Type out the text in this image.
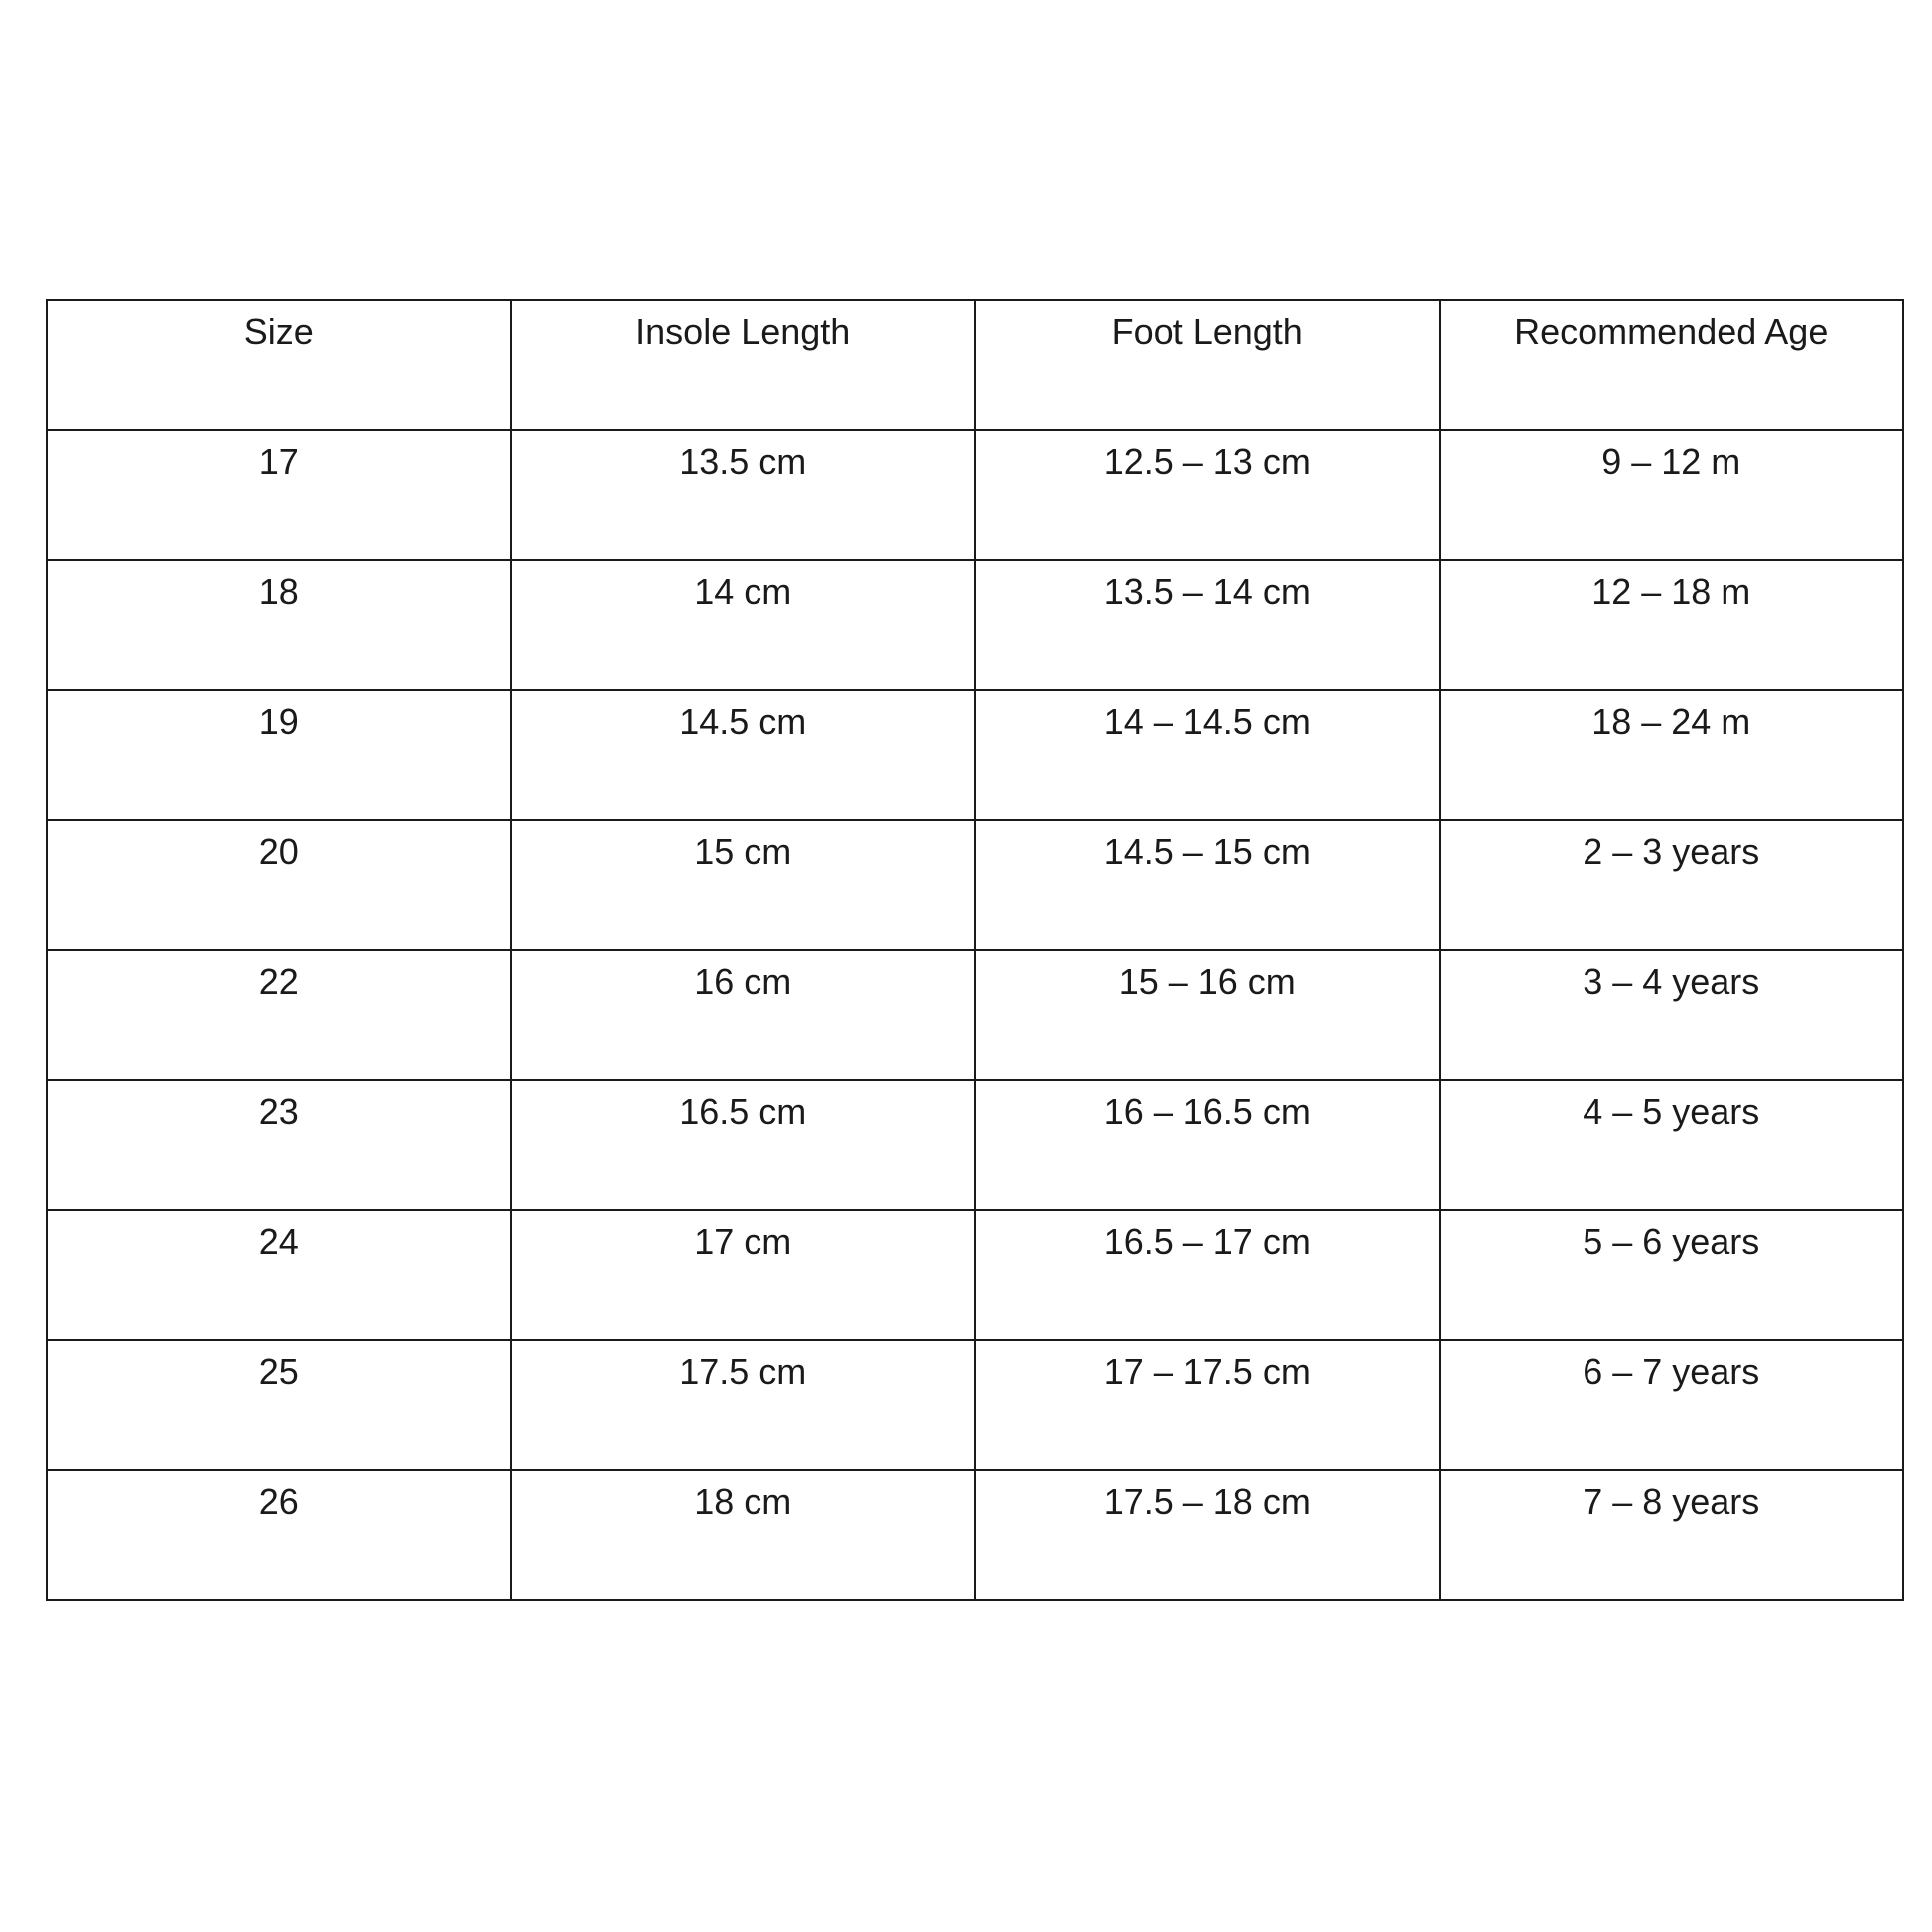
Size	Insole Length	Foot Length	Recommended Age
17	13.5 cm	12.5 – 13 cm	9 – 12 m
18	14 cm	13.5 – 14 cm	12 – 18 m
19	14.5 cm	14 – 14.5 cm	18 – 24 m
20	15 cm	14.5 – 15 cm	2 – 3 years
22	16 cm	15 – 16 cm	3 – 4 years
23	16.5 cm	16 – 16.5 cm	4 – 5 years
24	17 cm	16.5 – 17 cm	5 – 6 years
25	17.5 cm	17 – 17.5 cm	6 – 7 years
26	18 cm	17.5 – 18 cm	7 – 8 years
